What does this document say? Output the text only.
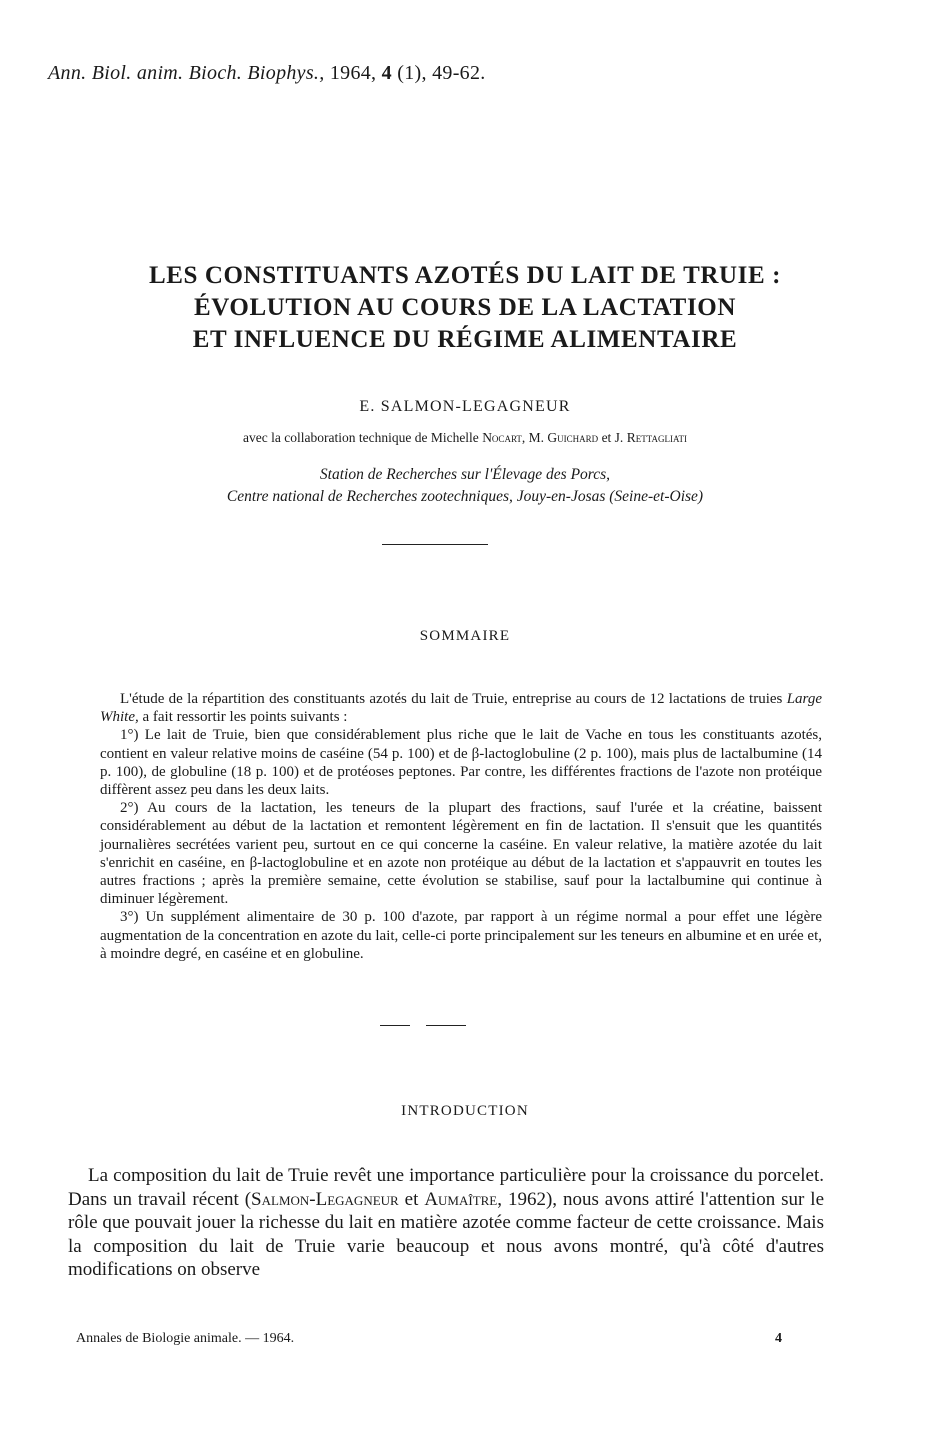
Ann. Biol. anim. Bioch. Biophys., 1964, 4 (1), 49-62.
LES CONSTITUANTS AZOTÉS DU LAIT DE TRUIE :
ÉVOLUTION AU COURS DE LA LACTATION
ET INFLUENCE DU RÉGIME ALIMENTAIRE
E. SALMON-LEGAGNEUR
avec la collaboration technique de Michelle Nocart, M. Guichard et J. Rettagliati
Station de Recherches sur l'Élevage des Porcs,
Centre national de Recherches zootechniques, Jouy-en-Josas (Seine-et-Oise)
SOMMAIRE

L'étude de la répartition des constituants azotés du lait de Truie, entreprise au cours de 12 lactations de truies Large White, a fait ressortir les points suivants :

1°) Le lait de Truie, bien que considérablement plus riche que le lait de Vache en tous les constituants azotés, contient en valeur relative moins de caséine (54 p. 100) et de β-lactoglobuline (2 p. 100), mais plus de lactalbumine (14 p. 100), de globuline (18 p. 100) et de protéoses peptones. Par contre, les différentes fractions de l'azote non protéique diffèrent assez peu dans les deux laits.

2°) Au cours de la lactation, les teneurs de la plupart des fractions, sauf l'urée et la créatine, baissent considérablement au début de la lactation et remontent légèrement en fin de lactation. Il s'ensuit que les quantités journalières secrétées varient peu, surtout en ce qui concerne la caséine. En valeur relative, la matière azotée du lait s'enrichit en caséine, en β-lactoglobuline et en azote non protéique au début de la lactation et s'appauvrit en toutes les autres fractions ; après la première semaine, cette évolution se stabilise, sauf pour la lactalbumine qui continue à diminuer légèrement.

3°) Un supplément alimentaire de 30 p. 100 d'azote, par rapport à un régime normal a pour effet une légère augmentation de la concentration en azote du lait, celle-ci porte principalement sur les teneurs en albumine et en urée et, à moindre degré, en caséine et en globuline.

INTRODUCTION

La composition du lait de Truie revêt une importance particulière pour la croissance du porcelet. Dans un travail récent (Salmon-Legagneur et Aumaître, 1962), nous avons attiré l'attention sur le rôle que pouvait jouer la richesse du lait en matière azotée comme facteur de cette croissance. Mais la composition du lait de Truie varie beaucoup et nous avons montré, qu'à côté d'autres modifications on observe

Annales de Biologie animale. — 1964.	4
